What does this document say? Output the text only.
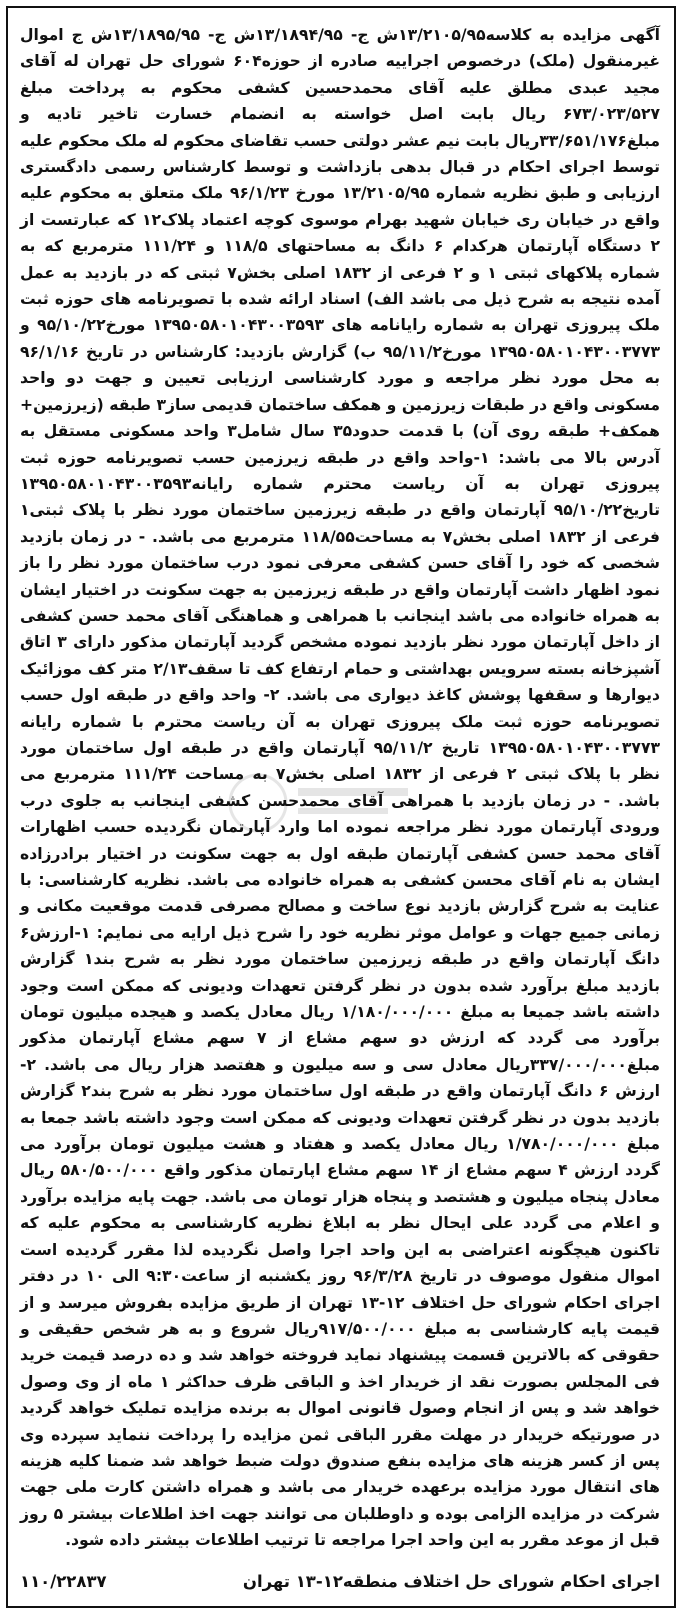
آگهی مزایده به کلاسه۱۳/۲۱۰۵/۹۵ش ج- ۱۳/۱۸۹۴/۹۵ش ج- ۱۳/۱۸۹۵/۹۵ش ج اموال غیرمنقول (ملک) درخصوص اجراییه صادره از حوزه۶۰۴ شورای حل تهران له آقای مجید عبدی مطلق علیه آقای محمدحسین کشفی محکوم به پرداخت مبلغ ۶۷۳/۰۲۳/۵۲۷ ریال بابت اصل خواسته به انضمام خسارت تاخیر تادیه و مبلغ۳۳/۶۵۱/۱۷۶ریال بابت نیم عشر دولتی حسب تقاضای محکوم له ملک محکوم علیه توسط اجرای احکام در قبال بدهی بازداشت و توسط کارشناس رسمی دادگستری ارزیابی و طبق نظریه شماره ۱۳/۲۱۰۵/۹۵ مورخ ۹۶/۱/۲۳ ملک متعلق به محکوم علیه واقع در خیابان ری خیابان شهید بهرام موسوی کوچه اعتماد پلاک۱۲ که عبارتست از ۲ دستگاه آپارتمان هرکدام ۶ دانگ به مساحتهای ۱۱۸/۵ و ۱۱۱/۲۴ مترمربع که به شماره پلاکهای ثبتی ۱ و ۲ فرعی از ۱۸۳۲ اصلی بخش۷ ثبتی که در بازدید به عمل آمده نتیجه به شرح ذیل می باشد الف) اسناد ارائه شده با تصویرنامه های حوزه ثبت ملک پیروزی تهران به شماره رایانامه های ۱۳۹۵۰۵۸۰۱۰۴۳۰۰۳۵۹۳ مورخ۹۵/۱۰/۲۲ و ۱۳۹۵۰۵۸۰۱۰۴۳۰۰۳۷۷۳ مورخ۹۵/۱۱/۲ ب) گزارش بازدید: کارشناس در تاریخ ۹۶/۱/۱۶ به محل مورد نظر مراجعه و مورد کارشناسی ارزیابی تعیین و جهت دو واحد مسکونی واقع در طبقات زیرزمین و همکف ساختمان قدیمی ساز۳ طبقه (زیرزمین+ همکف+ طبقه روی آن) با قدمت حدود۳۵ سال شامل۳ واحد مسکونی مستقل به آدرس بالا می باشد: ۱-واحد واقع در طبقه زیرزمین حسب تصویرنامه حوزه ثبت پیروزی تهران به آن ریاست محترم شماره رایانه۱۳۹۵۰۵۸۰۱۰۴۳۰۰۳۵۹۳ تاریخ۹۵/۱۰/۲۲ آپارتمان واقع در طبقه زیرزمین ساختمان مورد نظر با پلاک ثبتی۱ فرعی از ۱۸۳۲ اصلی بخش۷ به مساحت۱۱۸/۵۵ مترمربع می باشد. - در زمان بازدید شخصی که خود را آقای حسن کشفی معرفی نمود درب ساختمان مورد نظر را باز نمود اظهار داشت آپارتمان واقع در طبقه زیرزمین به جهت سکونت در اختیار ایشان به همراه خانواده می باشد اینجانب با همراهی و هماهنگی آقای محمد حسن کشفی از داخل آپارتمان مورد نظر بازدید نموده مشخص گردید آپارتمان مذکور دارای ۳ اتاق آشپزخانه بسته سرویس بهداشتی و حمام ارتفاع کف تا سقف۲/۱۳ متر کف موزائیک دیوارها و سقفها پوشش کاغذ دیواری می باشد. ۲- واحد واقع در طبقه اول حسب تصویرنامه حوزه ثبت ملک پیروزی تهران به آن ریاست محترم با شماره رایانه ۱۳۹۵۰۵۸۰۱۰۴۳۰۰۳۷۷۳ تاریخ ۹۵/۱۱/۲ آپارتمان واقع در طبقه اول ساختمان مورد نظر با پلاک ثبتی ۲ فرعی از ۱۸۳۲ اصلی بخش۷ به مساحت ۱۱۱/۲۴ مترمربع می باشد. - در زمان بازدید با همراهی آقای محمدحسن کشفی اینجانب به جلوی درب ورودی آپارتمان مورد نظر مراجعه نموده اما وارد آپارتمان نگردیده حسب اظهارات آقای محمد حسن کشفی آپارتمان طبقه اول به جهت سکونت در اختیار برادرزاده ایشان به نام آقای محسن کشفی به همراه خانواده می باشد. نظریه کارشناسی: با عنایت به شرح گزارش بازدید نوع ساخت و مصالح مصرفی قدمت موقعیت مکانی و زمانی جمیع جهات و عوامل موثر نظریه خود را شرح ذیل ارایه می نمایم: ۱-ارزش۶ دانگ آپارتمان واقع در طبقه زیرزمین ساختمان مورد نظر به شرح بند۱ گزارش بازدید مبلغ برآورد شده بدون در نظر گرفتن تعهدات ودیونی که ممکن است وجود داشته باشد جمیعا به مبلغ ۱/۱۸۰/۰۰۰/۰۰۰ ریال معادل یکصد و هیجده میلیون تومان برآورد می گردد که ارزش دو سهم مشاع از ۷ سهم مشاع آپارتمان مذکور مبلغ۳۳۷/۰۰۰/۰۰۰ریال معادل سی و سه میلیون و هفتصد هزار ریال می باشد. ۲-ارزش ۶ دانگ آپارتمان واقع در طبقه اول ساختمان مورد نظر به شرح بند۲ گزارش بازدید بدون در نظر گرفتن تعهدات ودیونی که ممکن است وجود داشته باشد جمعا به مبلغ ۱/۷۸۰/۰۰۰/۰۰۰ ریال معادل یکصد و هفتاد و هشت میلیون تومان برآورد می گردد ارزش ۴ سهم مشاع از ۱۴ سهم مشاع اپارتمان مذکور واقع ۵۸۰/۵۰۰/۰۰۰ ریال معادل پنجاه میلیون و هشتصد و پنجاه هزار تومان می باشد. جهت پایه مزایده برآورد و اعلام می گردد علی ایحال نظر به ابلاغ نظریه کارشناسی به محکوم علیه که تاکنون هیچگونه اعتراضی به این واحد اجرا واصل نگردیده لذا مقرر گردیده است اموال منقول موصوف در تاریخ ۹۶/۳/۲۸ روز یکشنبه از ساعت۹:۳۰ الی ۱۰ در دفتر اجرای احکام شورای حل اختلاف ۱۲-۱۳ تهران از طریق مزایده بفروش میرسد و از قیمت پایه کارشناسی به مبلغ ۹۱۷/۵۰۰/۰۰۰ریال شروع و به هر شخص حقیقی و حقوقی که بالاترین قسمت پیشنهاد نماید فروخته خواهد شد و ده درصد قیمت خرید فی المجلس بصورت نقد از خریدار اخذ و الباقی ظرف حداکثر ۱ ماه از وی وصول خواهد شد و پس از انجام وصول قانونی اموال به برنده مزایده تملیک خواهد گردید در صورتیکه خریدار در مهلت مقرر الباقی ثمن مزایده را پرداخت ننماید سپرده وی پس از کسر هزینه های مزایده بنفع صندوق دولت ضبط خواهد شد ضمنا کلیه هزینه های انتقال مورد مزایده برعهده خریدار می باشد و همراه داشتن کارت ملی جهت شرکت در مزایده الزامی بوده و داوطلبان می توانند جهت اخذ اطلاعات بیشتر ۵ روز قبل از موعد مقرر به این واحد اجرا مراجعه تا ترتیب اطلاعات بیشتر داده شود.

۱۱۰/۲۲۸۳۷	اجرای احکام شورای حل اختلاف منطقه۱۲-۱۳ تهران
